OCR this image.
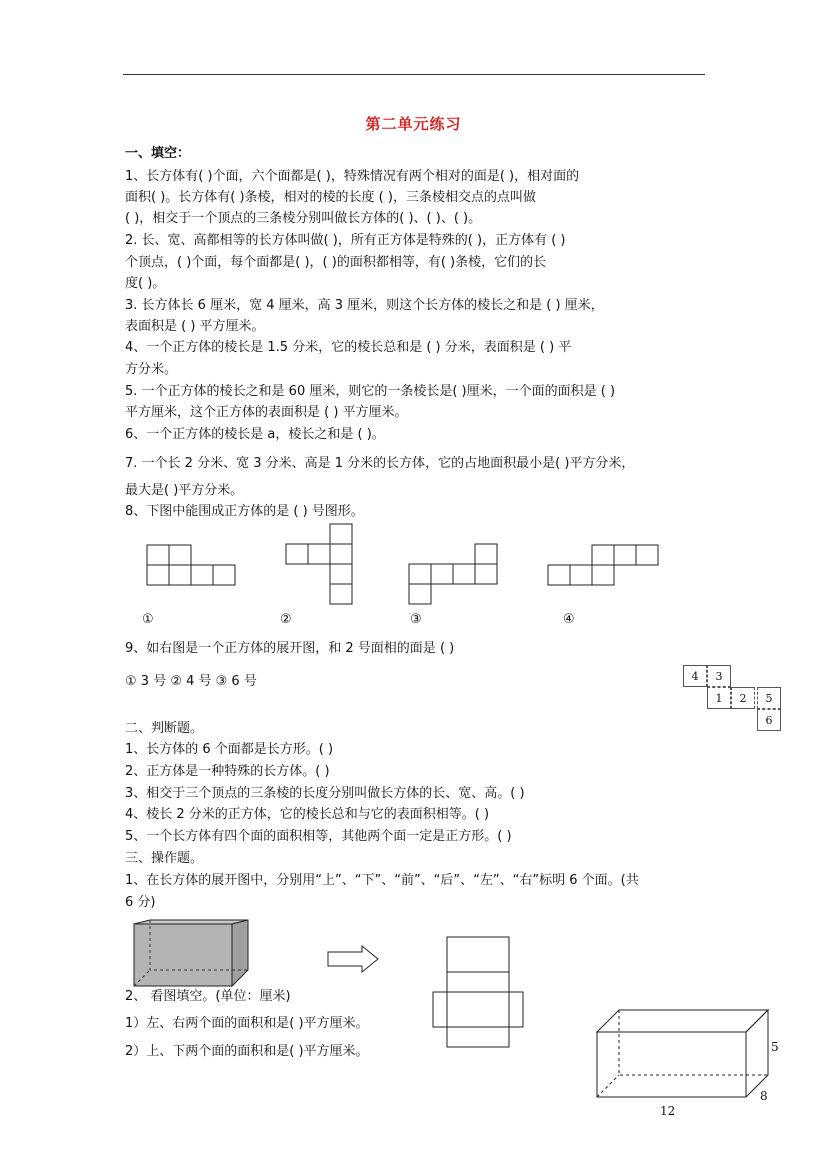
第二单元练习
一、填空：
1、长方体有( )个面，六个面都是( )，特殊情况有两个相对的面是( )，相对面的
面积( )。长方体有( )条棱，相对的棱的长度 ( )，三条棱相交点的点叫做
( )，相交于一个顶点的三条棱分别叫做长方体的( )、( )、( )。
2. 长、宽、高都相等的长方体叫做( )，所有正方体是特殊的( )，正方体有 ( )
个顶点，( )个面，每个面都是( )，( )的面积都相等，有( )条棱，它们的长
度( )。
3. 长方体长 6 厘米，宽 4 厘米，高 3 厘米，则这个长方体的棱长之和是 ( ) 厘米，
表面积是 ( ) 平方厘米。
4、一个正方体的棱长是 1.5 分米，它的棱长总和是 ( ) 分米，表面积是 ( ) 平
方分米。
5. 一个正方体的棱长之和是 60 厘米，则它的一条棱长是( )厘米，一个面的面积是 ( )
平方厘米，这个正方体的表面积是 ( ) 平方厘米。
6、一个正方体的棱长是 a，棱长之和是 ( )。
7. 一个长 2 分米、宽 3 分米、高是 1 分米的长方体，它的占地面积最小是( )平方分米，
最大是( )平方分米。
8、下图中能围成正方体的是 ( ) 号图形。
①	②	③	④
9、如右图是一个正方体的展开图，和 2 号面相的面是 ( )
① 3 号 ② 4 号 ③ 6 号	4	3
1	2	5
6
二、判断题。
1、长方体的 6 个面都是长方形。( )
2、正方体是一种特殊的长方体。( )
3、相交于三个顶点的三条棱的长度分别叫做长方体的长、宽、高。( )
4、棱长 2 分米的正方体，它的棱长总和与它的表面积相等。( )
5、一个长方体有四个面的面积相等，其他两个面一定是正方形。( )
三、操作题。
1、在长方体的展开图中，分别用“上”、“下”、“前”、“后”、“左”、“右”标明 6 个面。(共
6 分)
2、 看图填空。(单位：厘米)
1）左、右两个面的面积和是( )平方厘米。
2）上、下两个面的面积和是( )平方厘米。	5
12
8
